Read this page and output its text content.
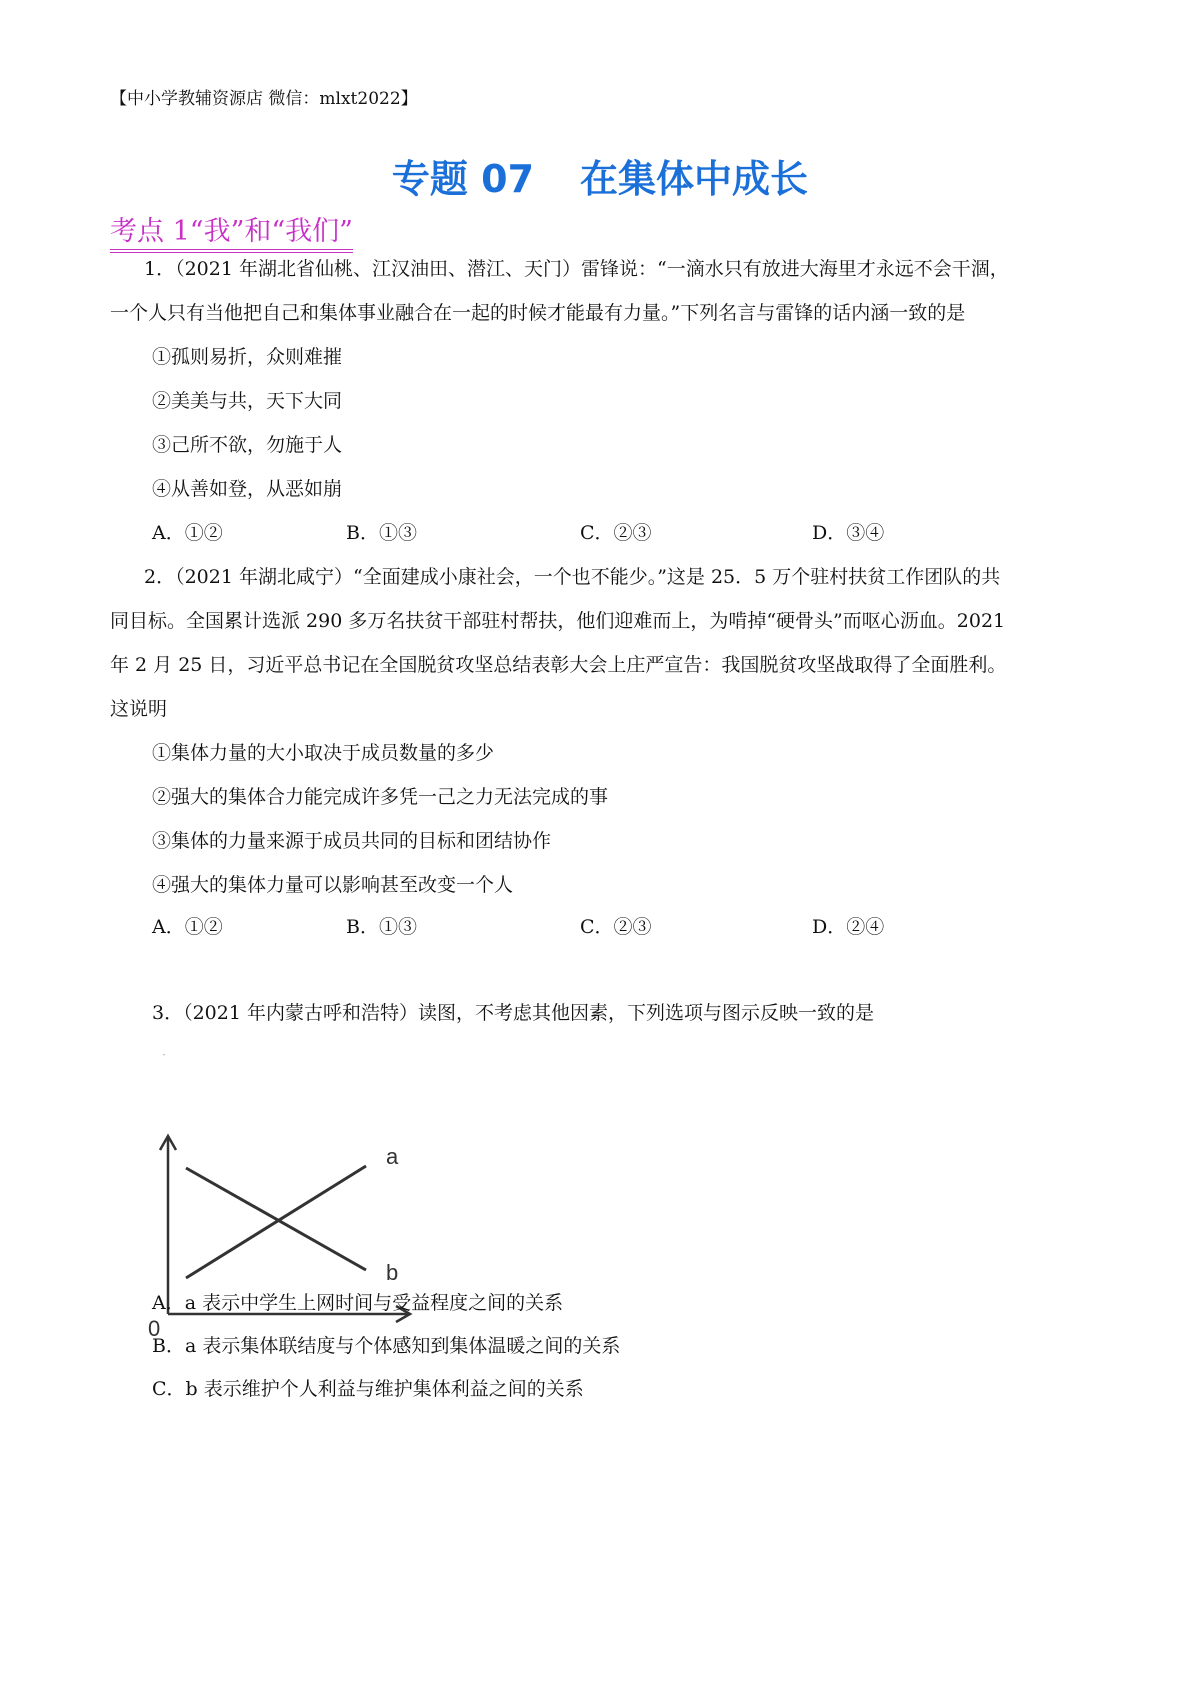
【中小学教辅资源店 微信：mlxt2022】
专题 07 在集体中成长
考点 1“我”和“我们”
1．（2021 年湖北省仙桃、江汉油田、潜江、天门）雷锋说：“一滴水只有放进大海里才永远不会干涸，
一个人只有当他把自己和集体事业融合在一起的时候才能最有力量。”下列名言与雷锋的话内涵一致的是
①孤则易折，众则难摧
②美美与共，天下大同
③己所不欲，勿施于人
④从善如登，从恶如崩
A．①②	B．①③	C．②③	D．③④
2．（2021 年湖北咸宁）“全面建成小康社会，一个也不能少。”这是 25．5 万个驻村扶贫工作团队的共
同目标。全国累计选派 290 多万名扶贫干部驻村帮扶，他们迎难而上，为啃掉“硬骨头”而呕心沥血。2021
年 2 月 25 日，习近平总书记在全国脱贫攻坚总结表彰大会上庄严宣告：我国脱贫攻坚战取得了全面胜利。
这说明
①集体力量的大小取决于成员数量的多少
②强大的集体合力能完成许多凭一己之力无法完成的事
③集体的力量来源于成员共同的目标和团结协作
④强大的集体力量可以影响甚至改变一个人
A．①②	B．①③	C．②③	D．②④
ˉ
3．（2021 年内蒙古呼和浩特）读图，不考虑其他因素，下列选项与图示反映一致的是
a
b
0
A．a 表示中学生上网时间与受益程度之间的关系
B．a 表示集体联结度与个体感知到集体温暖之间的关系
C．b 表示维护个人利益与维护集体利益之间的关系
